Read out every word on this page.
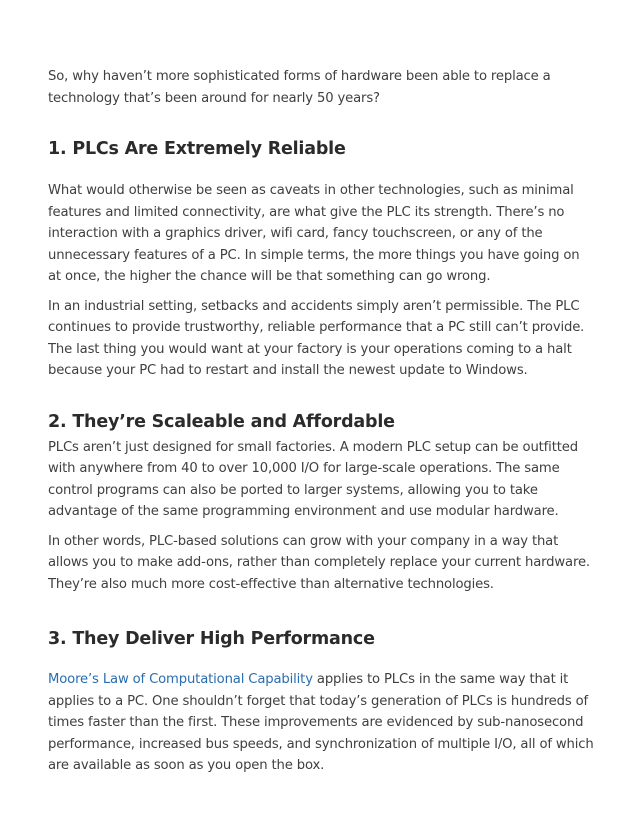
So, why haven’t more sophisticated forms of hardware been able to replace a technology that’s been around for nearly 50 years?

1. PLCs Are Extremely Reliable

What would otherwise be seen as caveats in other technologies, such as minimal features and limited connectivity, are what give the PLC its strength. There’s no interaction with a graphics driver, wifi card, fancy touchscreen, or any of the unnecessary features of a PC. In simple terms, the more things you have going on at once, the higher the chance will be that something can go wrong.

In an industrial setting, setbacks and accidents simply aren’t permissible. The PLC continues to provide trustworthy, reliable performance that a PC still can’t provide. The last thing you would want at your factory is your operations coming to a halt because your PC had to restart and install the newest update to Windows.

2. They’re Scaleable and Affordable

PLCs aren’t just designed for small factories. A modern PLC setup can be outfitted with anywhere from 40 to over 10,000 I/O for large-scale operations. The same control programs can also be ported to larger systems, allowing you to take advantage of the same programming environment and use modular hardware.

In other words, PLC-based solutions can grow with your company in a way that allows you to make add-ons, rather than completely replace your current hardware. They’re also much more cost-effective than alternative technologies.

3. They Deliver High Performance

Moore’s Law of Computational Capability applies to PLCs in the same way that it applies to a PC. One shouldn’t forget that today’s generation of PLCs is hundreds of times faster than the first. These improvements are evidenced by sub-nanosecond performance, increased bus speeds, and synchronization of multiple I/O, all of which are available as soon as you open the box.
